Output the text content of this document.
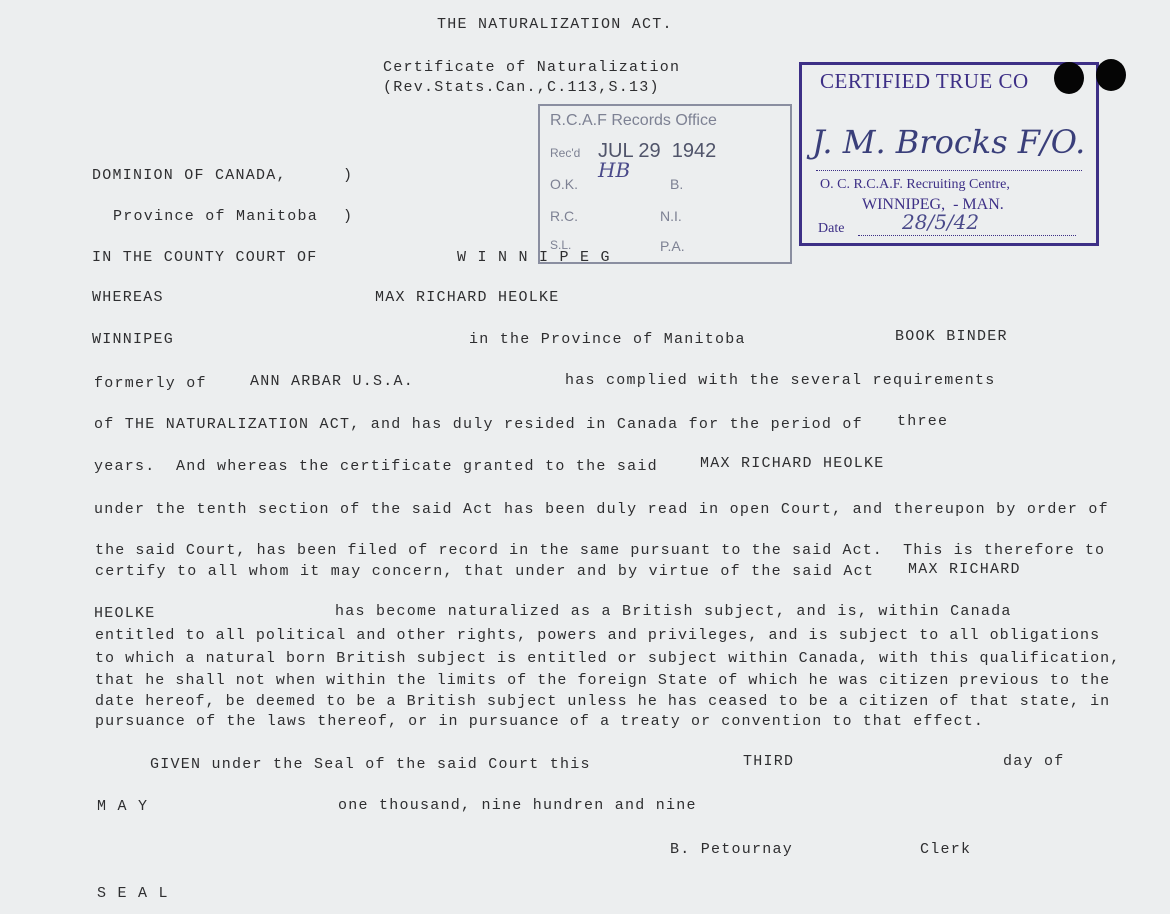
THE NATURALIZATION ACT.
Certificate of Naturalization
(Rev.Stats.Can.,C.113,S.13)
DOMINION OF CANADA,	)
Province of Manitoba )
IN THE COUNTY COURT OF	W I N N I P E G
WHEREAS	MAX RICHARD HEOLKE
WINNIPEG	in the Province of Manitoba	BOOK BINDER
formerly of	ANN ARBAR U.S.A.	has complied with the several requirements
of THE NATURALIZATION ACT, and has duly resided in Canada for the period of three
years.  And whereas the certificate granted to the said	MAX RICHARD HEOLKE
under the tenth section of the said Act has been duly read in open Court, and thereupon by order of
the said Court, has been filed of record in the same pursuant to the said Act.  This is therefore to
certify to all whom it may concern, that under and by virtue of the said Act MAX RICHARD
HEOLKE	has become naturalized as a British subject, and is, within Canada
entitled to all political and other rights, powers and privileges, and is subject to all obligations
to which a natural born British subject is entitled or subject within Canada, with this qualification,
that he shall not when within the limits of the foreign State of which he was citizen previous to the
date hereof, be deemed to be a British subject unless he has ceased to be a citizen of that state, in
pursuance of the laws thereof, or in pursuance of a treaty or convention to that effect.
GIVEN under the Seal of the said Court this	THIRD	day of
M A Y	one thousand, nine hundren and nine
B. Petournay	Clerk
S E A L
R.C.A.F Records Office
Rec'd JUL 29  1942
O.K.	B.
R.C.	N.I.
S.L.	P.A.
HB
CERTIFIED TRUE CO
J. M. Brocks F/O.
O. C. R.C.A.F. Recruiting Centre,
WINNIPEG,  - MAN.
Date	28/5/42
